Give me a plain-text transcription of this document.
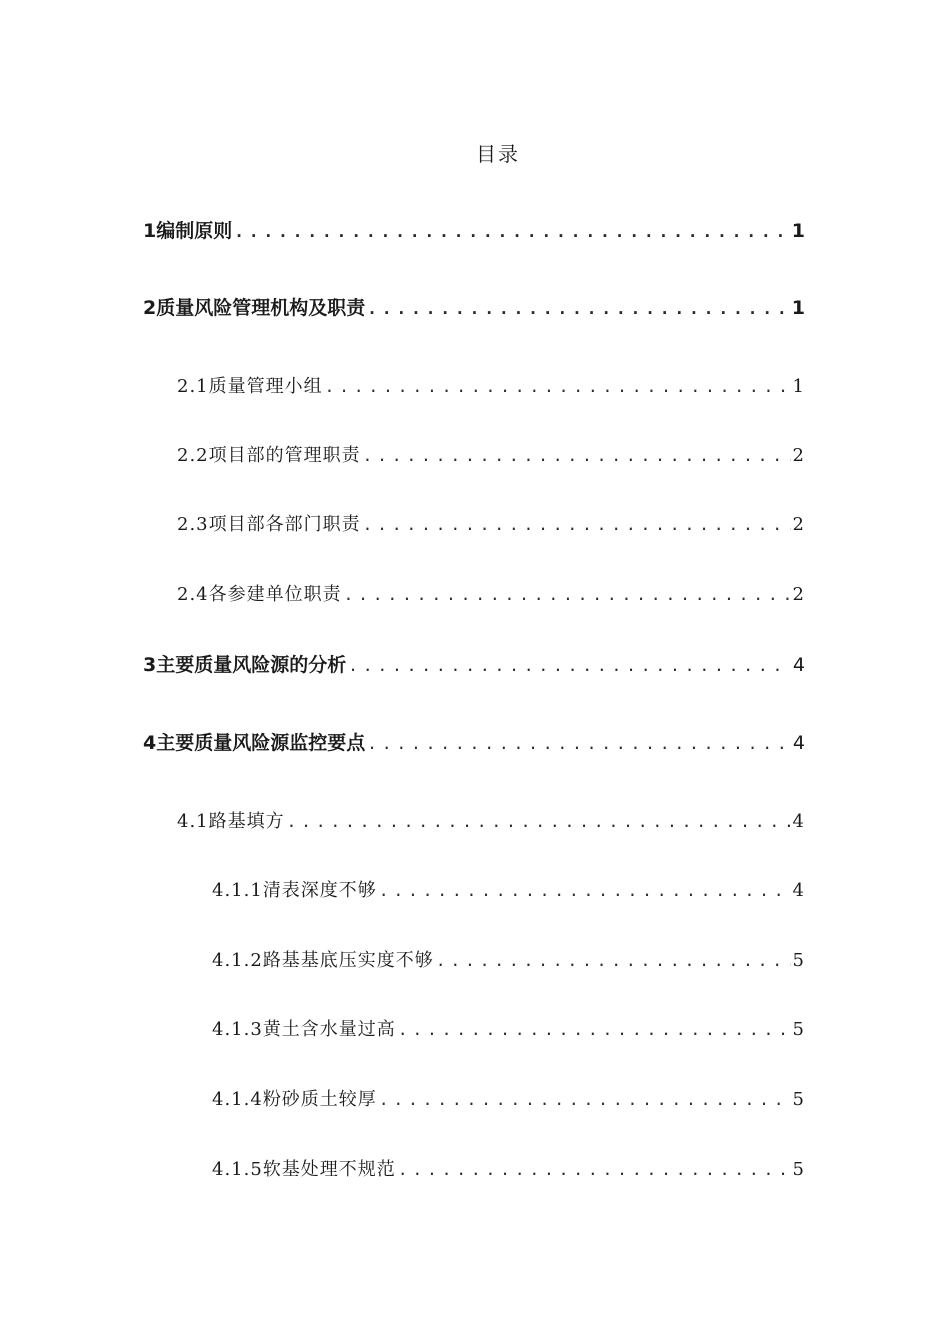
目录
1编制原则 .....	1
2质量风险管理机构及职责 .....	1
2.1质量管理小组 .....	1
2.2项目部的管理职责 .....	2
2.3项目部各部门职责 .....	2
2.4各参建单位职责 .....	2
3主要质量风险源的分析 .....	4
4主要质量风险源监控要点 .....	4
4.1路基填方 .....	4
4.1.1清表深度不够 .....	4
4.1.2路基基底压实度不够 .....	5
4.1.3黄土含水量过高 .....	5
4.1.4粉砂质土较厚 .....	5
4.1.5软基处理不规范 .....	5
